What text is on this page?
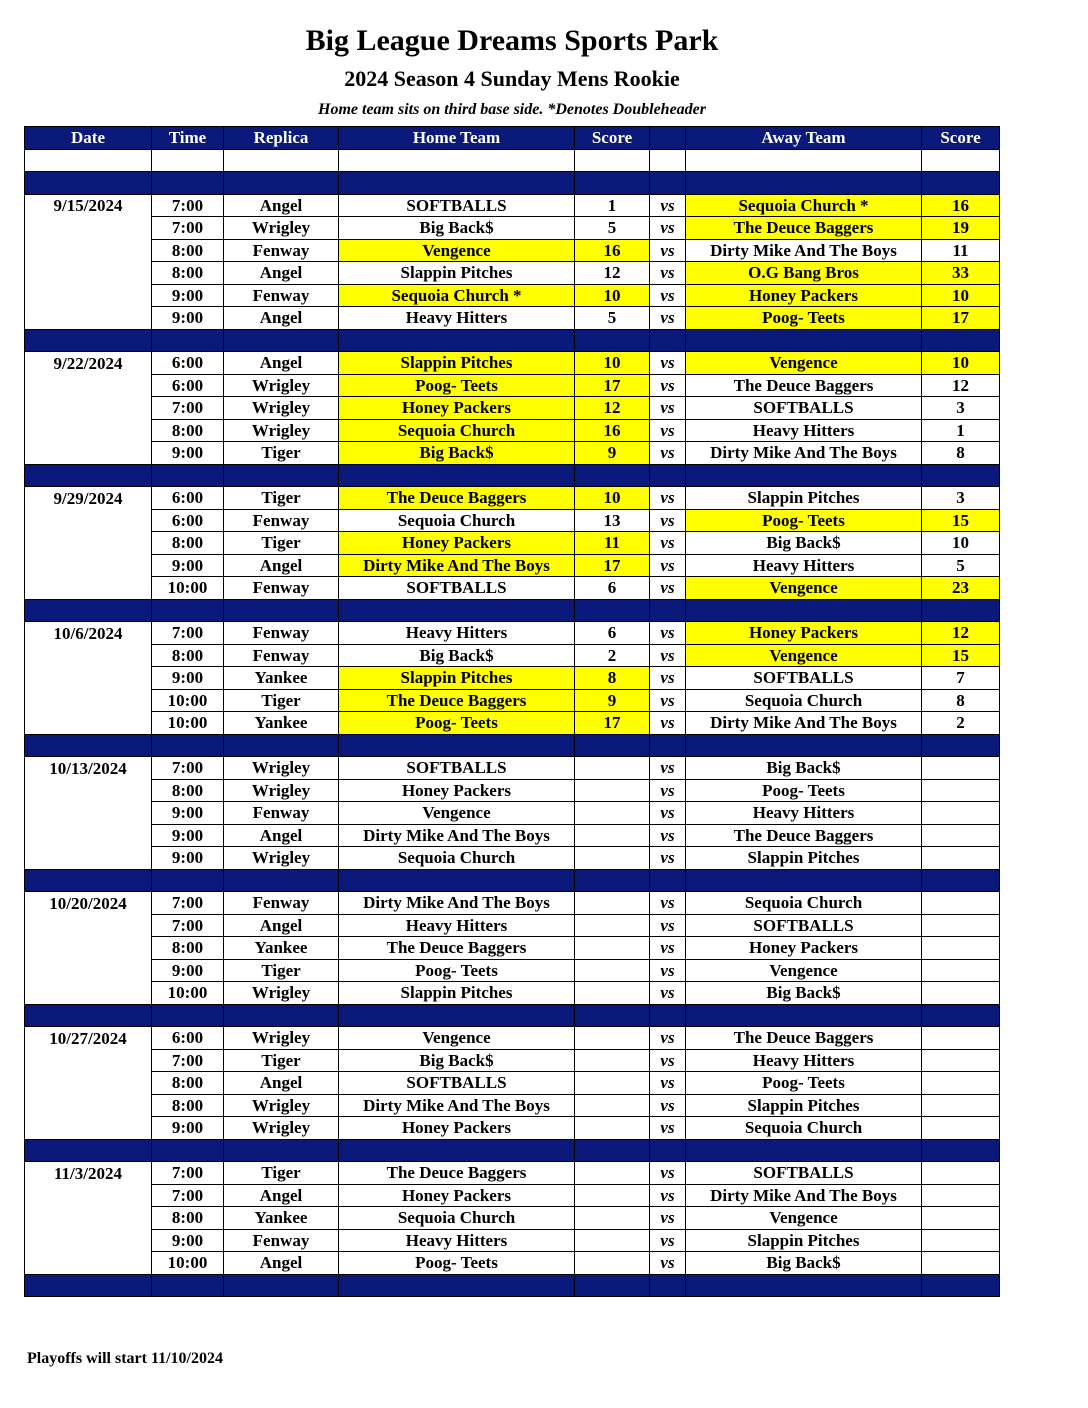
Big League Dreams Sports Park
2024 Season 4 Sunday Mens Rookie
Home team sits on third base side. *Denotes Doubleheader
Date	Time	Replica	Home Team	Score		Away Team	Score

9/15/2024	7:00	Angel	SOFTBALLS	1	vs	Sequoia Church *	16
	7:00	Wrigley	Big Back$	5	vs	The Deuce Baggers	19
	8:00	Fenway	Vengence	16	vs	Dirty Mike And The Boys	11
	8:00	Angel	Slappin Pitches	12	vs	O.G Bang Bros	33
	9:00	Fenway	Sequoia Church *	10	vs	Honey Packers	10
	9:00	Angel	Heavy Hitters	5	vs	Poog- Teets	17

9/22/2024	6:00	Angel	Slappin Pitches	10	vs	Vengence	10
	6:00	Wrigley	Poog- Teets	17	vs	The Deuce Baggers	12
	7:00	Wrigley	Honey Packers	12	vs	SOFTBALLS	3
	8:00	Wrigley	Sequoia Church	16	vs	Heavy Hitters	1
	9:00	Tiger	Big Back$	9	vs	Dirty Mike And The Boys	8

9/29/2024	6:00	Tiger	The Deuce Baggers	10	vs	Slappin Pitches	3
	6:00	Fenway	Sequoia Church	13	vs	Poog- Teets	15
	8:00	Tiger	Honey Packers	11	vs	Big Back$	10
	9:00	Angel	Dirty Mike And The Boys	17	vs	Heavy Hitters	5
	10:00	Fenway	SOFTBALLS	6	vs	Vengence	23

10/6/2024	7:00	Fenway	Heavy Hitters	6	vs	Honey Packers	12
	8:00	Fenway	Big Back$	2	vs	Vengence	15
	9:00	Yankee	Slappin Pitches	8	vs	SOFTBALLS	7
	10:00	Tiger	The Deuce Baggers	9	vs	Sequoia Church	8
	10:00	Yankee	Poog- Teets	17	vs	Dirty Mike And The Boys	2

10/13/2024	7:00	Wrigley	SOFTBALLS		vs	Big Back$	
	8:00	Wrigley	Honey Packers		vs	Poog- Teets	
	9:00	Fenway	Vengence		vs	Heavy Hitters	
	9:00	Angel	Dirty Mike And The Boys		vs	The Deuce Baggers	
	9:00	Wrigley	Sequoia Church		vs	Slappin Pitches	

10/20/2024	7:00	Fenway	Dirty Mike And The Boys		vs	Sequoia Church	
	7:00	Angel	Heavy Hitters		vs	SOFTBALLS	
	8:00	Yankee	The Deuce Baggers		vs	Honey Packers	
	9:00	Tiger	Poog- Teets		vs	Vengence	
	10:00	Wrigley	Slappin Pitches		vs	Big Back$	

10/27/2024	6:00	Wrigley	Vengence		vs	The Deuce Baggers	
	7:00	Tiger	Big Back$		vs	Heavy Hitters	
	8:00	Angel	SOFTBALLS		vs	Poog- Teets	
	8:00	Wrigley	Dirty Mike And The Boys		vs	Slappin Pitches	
	9:00	Wrigley	Honey Packers		vs	Sequoia Church	

11/3/2024	7:00	Tiger	The Deuce Baggers		vs	SOFTBALLS	
	7:00	Angel	Honey Packers		vs	Dirty Mike And The Boys	
	8:00	Yankee	Sequoia Church		vs	Vengence	
	9:00	Fenway	Heavy Hitters		vs	Slappin Pitches	
	10:00	Angel	Poog- Teets		vs	Big Back$	

Playoffs will start 11/10/2024
